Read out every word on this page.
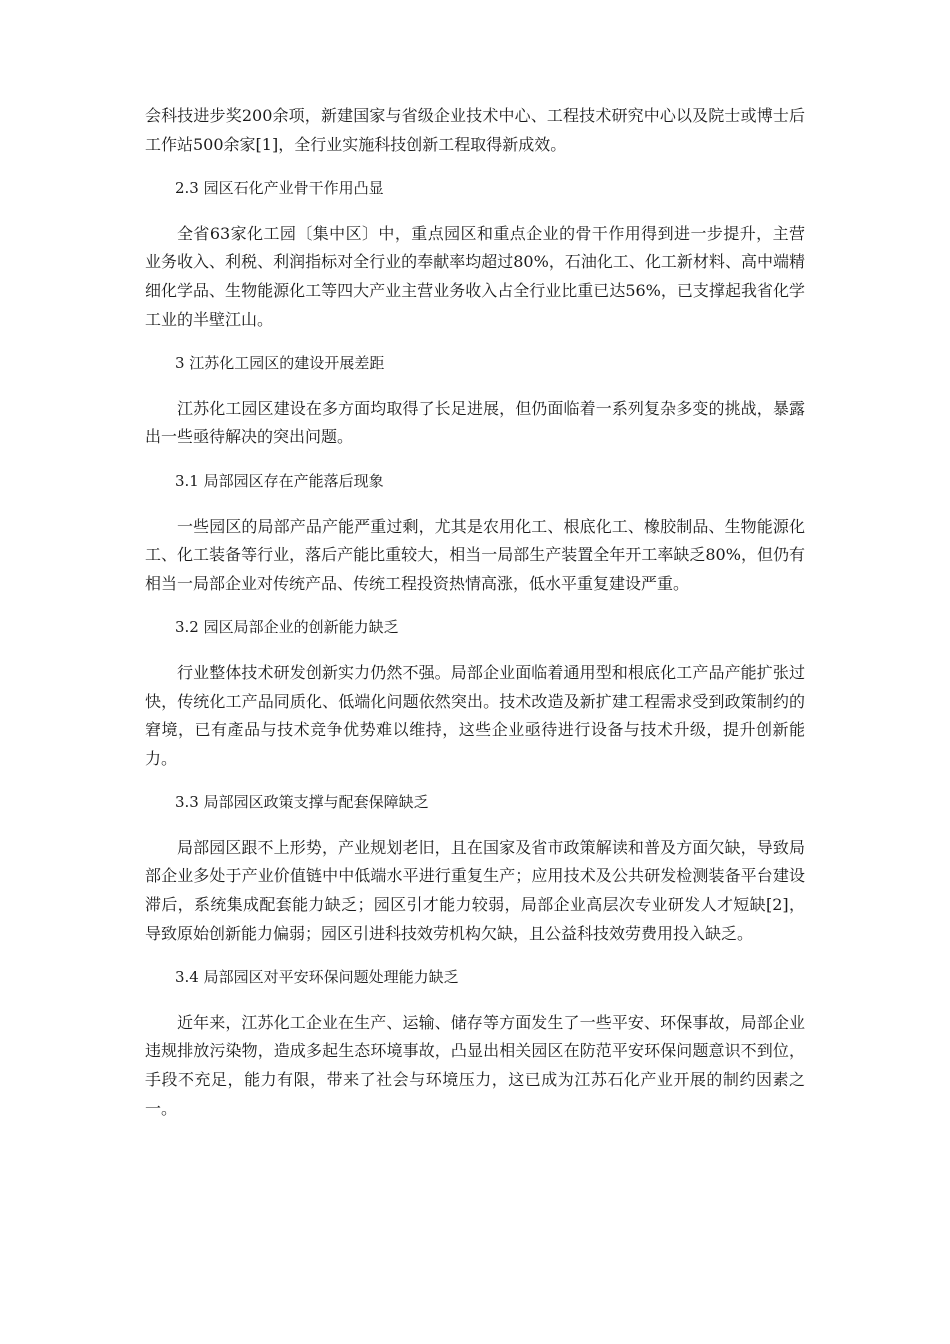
会科技进步奖200余项，新建国家与省级企业技术中心、工程技术研究中心以及院士或博士后工作站500余家[1]，全行业实施科技创新工程取得新成效。

2.3 园区石化产业骨干作用凸显

全省63家化工园〔集中区〕中，重点园区和重点企业的骨干作用得到进一步提升，主营业务收入、利税、利润指标对全行业的奉献率均超过80%，石油化工、化工新材料、高中端精细化学品、生物能源化工等四大产业主营业务收入占全行业比重已达56%，已支撑起我省化学工业的半壁江山。

3 江苏化工园区的建设开展差距

江苏化工园区建设在多方面均取得了长足进展，但仍面临着一系列复杂多变的挑战，暴露出一些亟待解决的突出问题。

3.1 局部园区存在产能落后现象

一些园区的局部产品产能严重过剩，尤其是农用化工、根底化工、橡胶制品、生物能源化工、化工装备等行业，落后产能比重较大，相当一局部生产装置全年开工率缺乏80%，但仍有相当一局部企业对传统产品、传统工程投资热情高涨，低水平重复建设严重。

3.2 园区局部企业的创新能力缺乏

行业整体技术研发创新实力仍然不强。局部企业面临着通用型和根底化工产品产能扩张过快，传统化工产品同质化、低端化问题依然突出。技术改造及新扩建工程需求受到政策制约的窘境，已有產品与技术竞争优势难以维持，这些企业亟待进行设备与技术升级，提升创新能力。

3.3 局部园区政策支撑与配套保障缺乏

局部园区跟不上形势，产业规划老旧，且在国家及省市政策解读和普及方面欠缺，导致局部企业多处于产业价值链中中低端水平进行重复生产；应用技术及公共研发检测装备平台建设滞后，系统集成配套能力缺乏；园区引才能力较弱，局部企业高层次专业研发人才短缺[2]，导致原始创新能力偏弱；园区引进科技效劳机构欠缺，且公益科技效劳费用投入缺乏。

3.4 局部园区对平安环保问题处理能力缺乏

近年来，江苏化工企业在生产、运输、储存等方面发生了一些平安、环保事故，局部企业违规排放污染物，造成多起生态环境事故，凸显出相关园区在防范平安环保问题意识不到位，手段不充足，能力有限，带来了社会与环境压力，这已成为江苏石化产业开展的制约因素之一。
